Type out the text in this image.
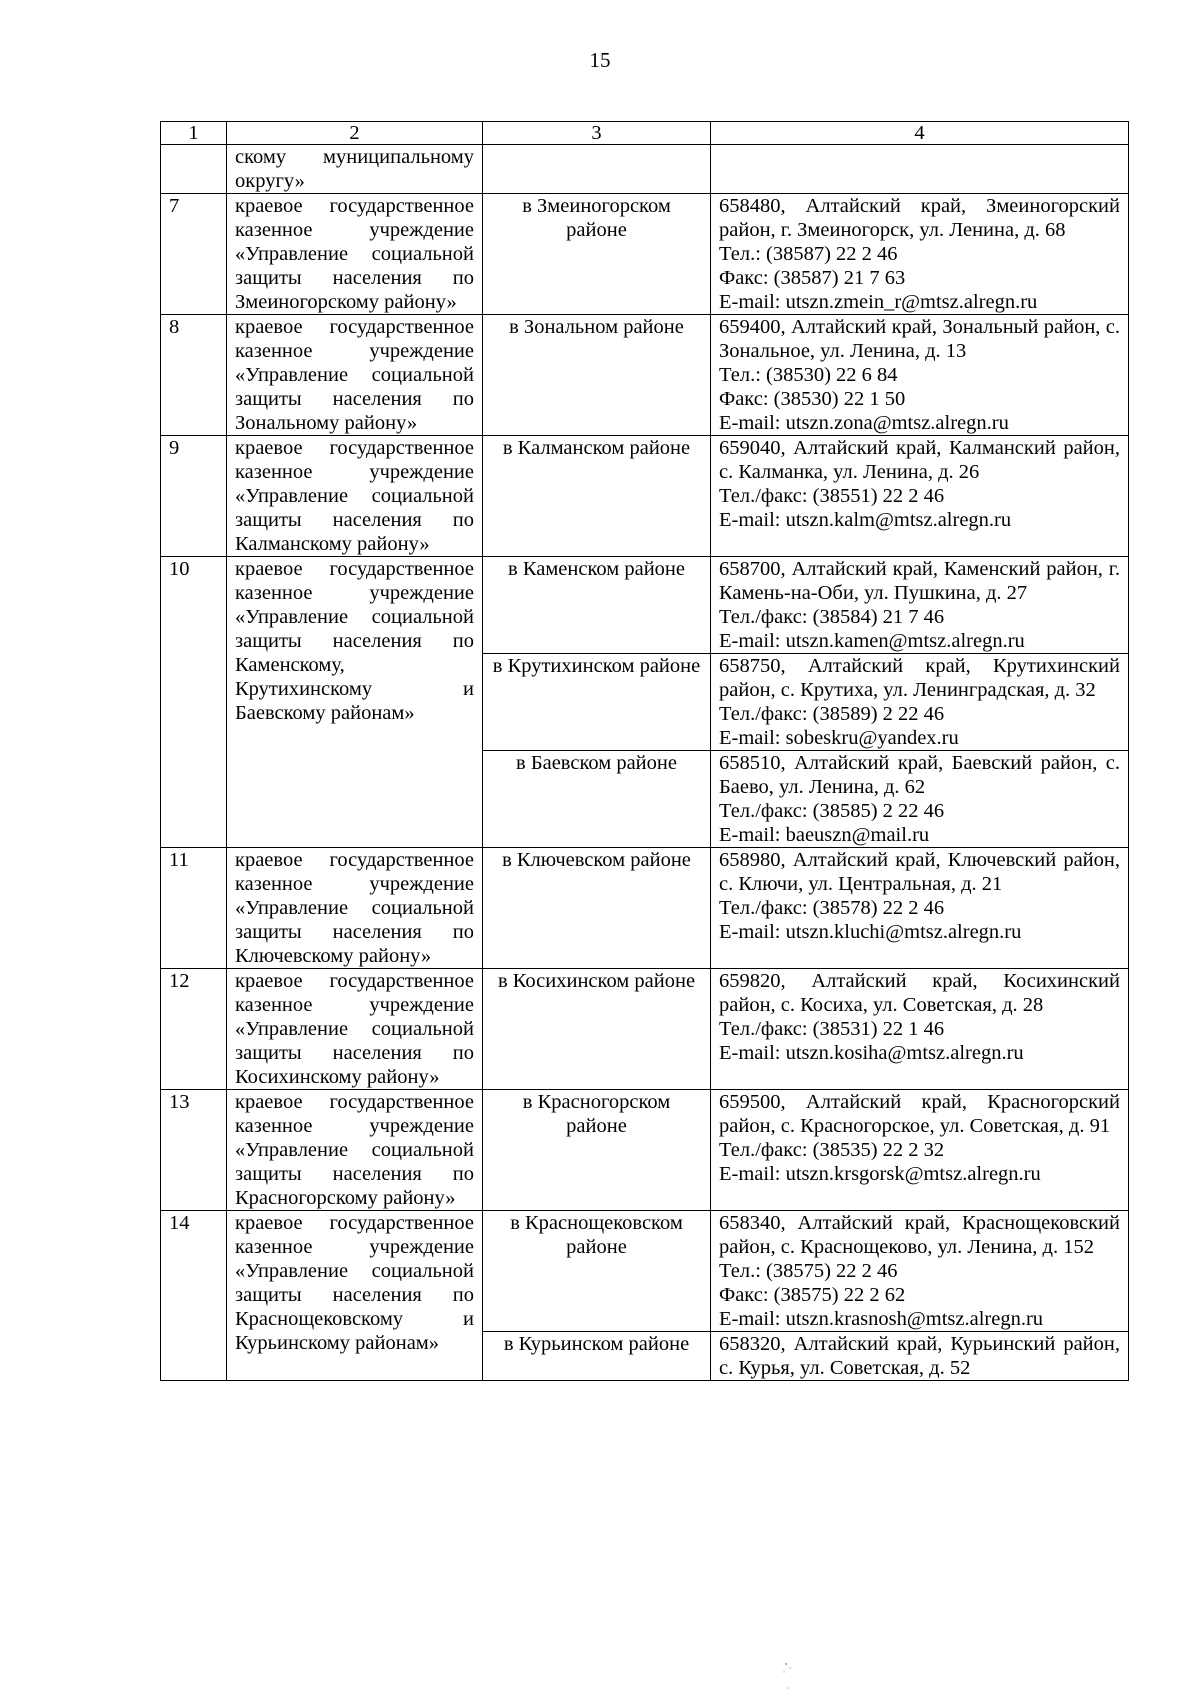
15
1	2	3	4
	скому муниципальному округу»		
7	краевое государственное казенное учреждение «Управление социальной защиты населения по Змеиногорскому району»	в Змеиногорском районе	658480, Алтайский край, Змеиногорский район, г. Змеиногорск, ул. Ленина, д. 68
Тел.: (38587) 22 2 46
Факс: (38587) 21 7 63
E-mail: utszn.zmein_r@mtsz.alregn.ru

8	краевое государственное казенное учреждение «Управление социальной защиты населения по Зональному району»	в Зональном районе	659400, Алтайский край, Зональный район, с. Зональное, ул. Ленина, д. 13
Тел.: (38530) 22 6 84
Факс: (38530) 22 1 50
E-mail: utszn.zona@mtsz.alregn.ru

9	краевое государственное казенное учреждение «Управление социальной защиты населения по Калманскому району»	в Калманском районе	659040, Алтайский край, Калманский район, с. Калманка, ул. Ленина, д. 26
Тел./факс: (38551) 22 2 46
E-mail: utszn.kalm@mtsz.alregn.ru

10	краевое государственное казенное учреждение «Управление социальной защиты населения по Каменскому, Крутихинскому и Баевскому районам»	в Каменском районе	658700, Алтайский край, Каменский район, г. Камень-на-Оби, ул. Пушкина, д. 27
Тел./факс: (38584) 21 7 46
E-mail: utszn.kamen@mtsz.alregn.ru

		в Крутихинском районе	658750, Алтайский край, Крутихинский район, с. Крутиха, ул. Ленинградская, д. 32
Тел./факс: (38589) 2 22 46
E-mail: sobeskru@yandex.ru

		в Баевском районе	658510, Алтайский край, Баевский район, с. Баево, ул. Ленина, д. 62
Тел./факс: (38585) 2 22 46
E-mail: baeuszn@mail.ru

11	краевое государственное казенное учреждение «Управление социальной защиты населения по Ключевскому району»	в Ключевском районе	658980, Алтайский край, Ключевский район, с. Ключи, ул. Центральная, д. 21
Тел./факс: (38578) 22 2 46
E-mail: utszn.kluchi@mtsz.alregn.ru

12	краевое государственное казенное учреждение «Управление социальной защиты населения по Косихинскому району»	в Косихинском районе	659820, Алтайский край, Косихинский район, с. Косиха, ул. Советская, д. 28
Тел./факс: (38531) 22 1 46
E-mail: utszn.kosiha@mtsz.alregn.ru

13	краевое государственное казенное учреждение «Управление социальной защиты населения по Красногорскому району»	в Красногорском районе	659500, Алтайский край, Красногорский район, с. Красногорское, ул. Советская, д. 91
Тел./факс: (38535) 22 2 32
E-mail: utszn.krsgorsk@mtsz.alregn.ru

14	краевое государственное казенное учреждение «Управление социальной защиты населения по Краснощековскому и Курьинскому районам»	в Краснощековском районе	658340, Алтайский край, Краснощековский район, с. Краснощеково, ул. Ленина, д. 152
Тел.: (38575) 22 2 46
Факс: (38575) 22 2 62
E-mail: utszn.krasnosh@mtsz.alregn.ru

		в Курьинском районе	658320, Алтайский край, Курьинский район, с. Курья, ул. Советская, д. 52
